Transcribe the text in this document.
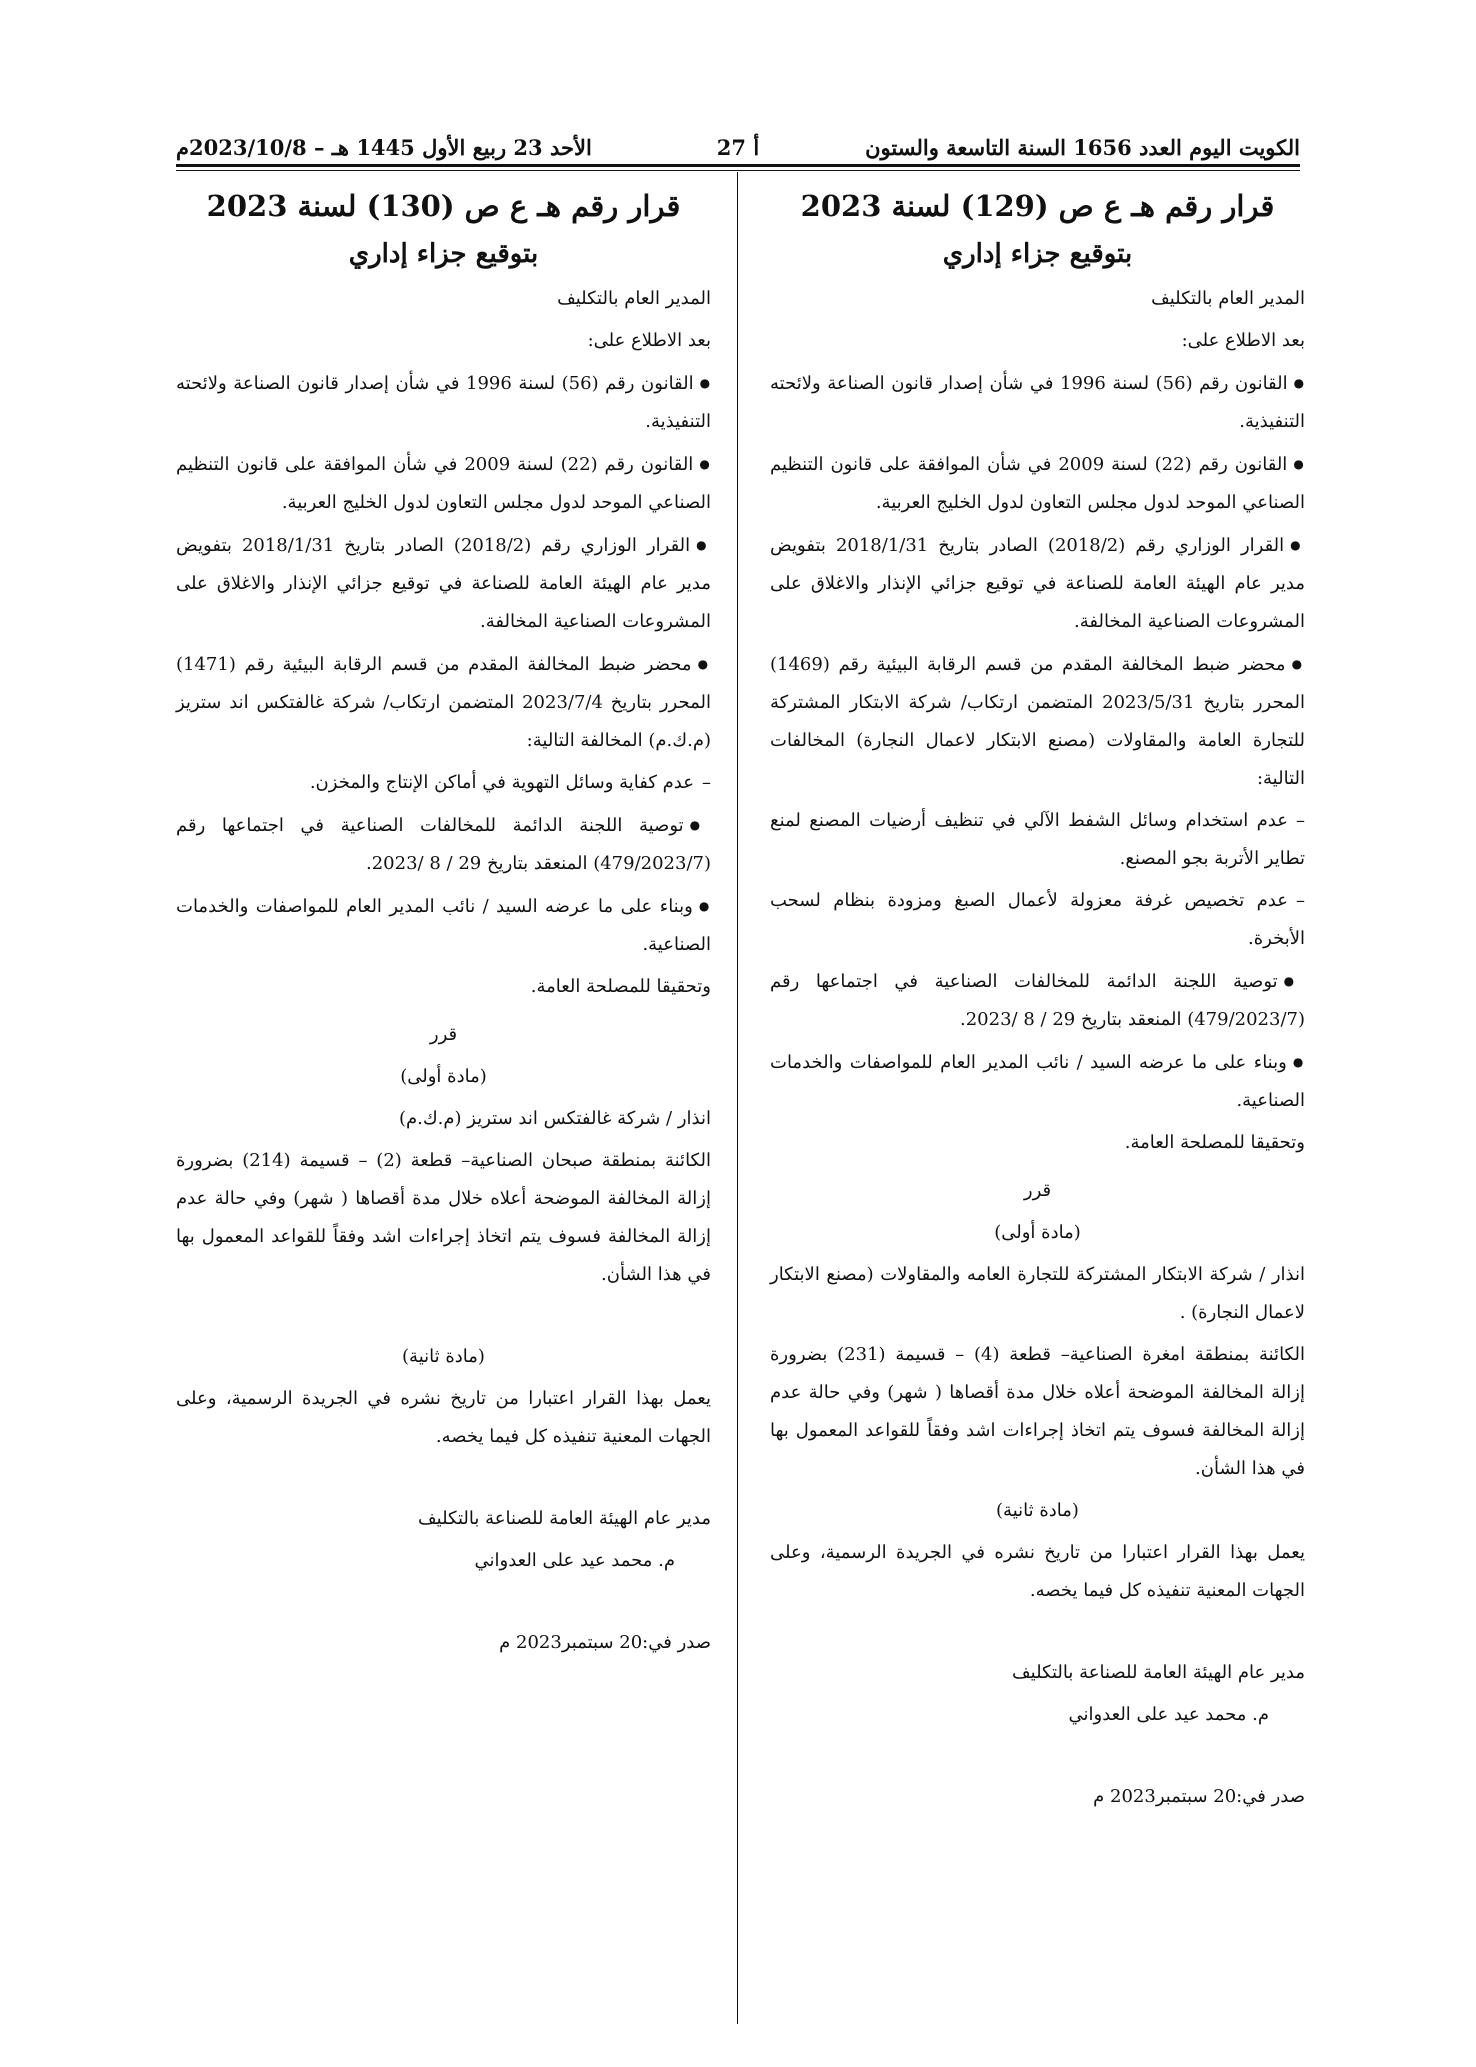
الكويت اليوم العدد 1656 السنة التاسعة والستون
أ 27
الأحد 23 ربيع الأول 1445 هـ – 2023/10/8م
قرار رقم هـ ع ص (129) لسنة 2023
بتوقيع جزاء إداري

المدير العام بالتكليف

بعد الاطلاع على:

● القانون رقم (56) لسنة 1996 في شأن إصدار قانون الصناعة ولائحته التنفيذية.

● القانون رقم (22) لسنة 2009 في شأن الموافقة على قانون التنظيم الصناعي الموحد لدول مجلس التعاون لدول الخليج العربية.

● القرار الوزاري رقم (2018/2) الصادر بتاريخ 2018/1/31 بتفويض مدير عام الهيئة العامة للصناعة في توقيع جزائي الإنذار والاغلاق على المشروعات الصناعية المخالفة.

● محضر ضبط المخالفة المقدم من قسم الرقابة البيئية رقم (1469) المحرر بتاريخ 2023/5/31 المتضمن ارتكاب/ شركة الابتكار المشتركة للتجارة العامة والمقاولات (مصنع الابتكار لاعمال النجارة) المخالفات التالية:

– عدم استخدام وسائل الشفط الآلي في تنظيف أرضيات المصنع لمنع تطاير الأتربة بجو المصنع.

– عدم تخصيص غرفة معزولة لأعمال الصبغ ومزودة بنظام لسحب الأبخرة.

● توصية اللجنة الدائمة للمخالفات الصناعية في اجتماعها رقم (479/2023/7) المنعقد بتاريخ 29 / 8 /2023.

● وبناء على ما عرضه السيد / نائب المدير العام للمواصفات والخدمات الصناعية.

وتحقيقا للمصلحة العامة.

قرر

(مادة أولى)

انذار / شركة الابتكار المشتركة للتجارة العامه والمقاولات (مصنع الابتكار لاعمال النجارة) .

الكائنة بمنطقة امغرة الصناعية– قطعة (4) – قسيمة (231) بضرورة إزالة المخالفة الموضحة أعلاه خلال مدة أقصاها ( شهر) وفي حالة عدم إزالة المخالفة فسوف يتم اتخاذ إجراءات اشد وفقاً للقواعد المعمول بها في هذا الشأن.

(مادة ثانية)

يعمل بهذا القرار اعتبارا من تاريخ نشره في الجريدة الرسمية، وعلى الجهات المعنية تنفيذه كل فيما يخصه.

مدير عام الهيئة العامة للصناعة بالتكليف

م. محمد عيد على العدواني

صدر في:20 سبتمبر2023 م

قرار رقم هـ ع ص (130) لسنة 2023
بتوقيع جزاء إداري

المدير العام بالتكليف

بعد الاطلاع على:

● القانون رقم (56) لسنة 1996 في شأن إصدار قانون الصناعة ولائحته التنفيذية.

● القانون رقم (22) لسنة 2009 في شأن الموافقة على قانون التنظيم الصناعي الموحد لدول مجلس التعاون لدول الخليج العربية.

● القرار الوزاري رقم (2018/2) الصادر بتاريخ 2018/1/31 بتفويض مدير عام الهيئة العامة للصناعة في توقيع جزائي الإنذار والاغلاق على المشروعات الصناعية المخالفة.

● محضر ضبط المخالفة المقدم من قسم الرقابة البيئية رقم (1471) المحرر بتاريخ 2023/7/4 المتضمن ارتكاب/ شركة غالفتكس اند ستريز (م.ك.م) المخالفة التالية:

– عدم كفاية وسائل التهوية في أماكن الإنتاج والمخزن.

● توصية اللجنة الدائمة للمخالفات الصناعية في اجتماعها رقم (479/2023/7) المنعقد بتاريخ 29 / 8 /2023.

● وبناء على ما عرضه السيد / نائب المدير العام للمواصفات والخدمات الصناعية.

وتحقيقا للمصلحة العامة.

قرر

(مادة أولى)

انذار / شركة غالفتكس اند ستريز (م.ك.م)

الكائنة بمنطقة صبحان الصناعية– قطعة (2) – قسيمة (214) بضرورة إزالة المخالفة الموضحة أعلاه خلال مدة أقصاها ( شهر) وفي حالة عدم إزالة المخالفة فسوف يتم اتخاذ إجراءات اشد وفقاً للقواعد المعمول بها في هذا الشأن.

(مادة ثانية)

يعمل بهذا القرار اعتبارا من تاريخ نشره في الجريدة الرسمية، وعلى الجهات المعنية تنفيذه كل فيما يخصه.

مدير عام الهيئة العامة للصناعة بالتكليف

م. محمد عيد على العدواني

صدر في:20 سبتمبر2023 م
